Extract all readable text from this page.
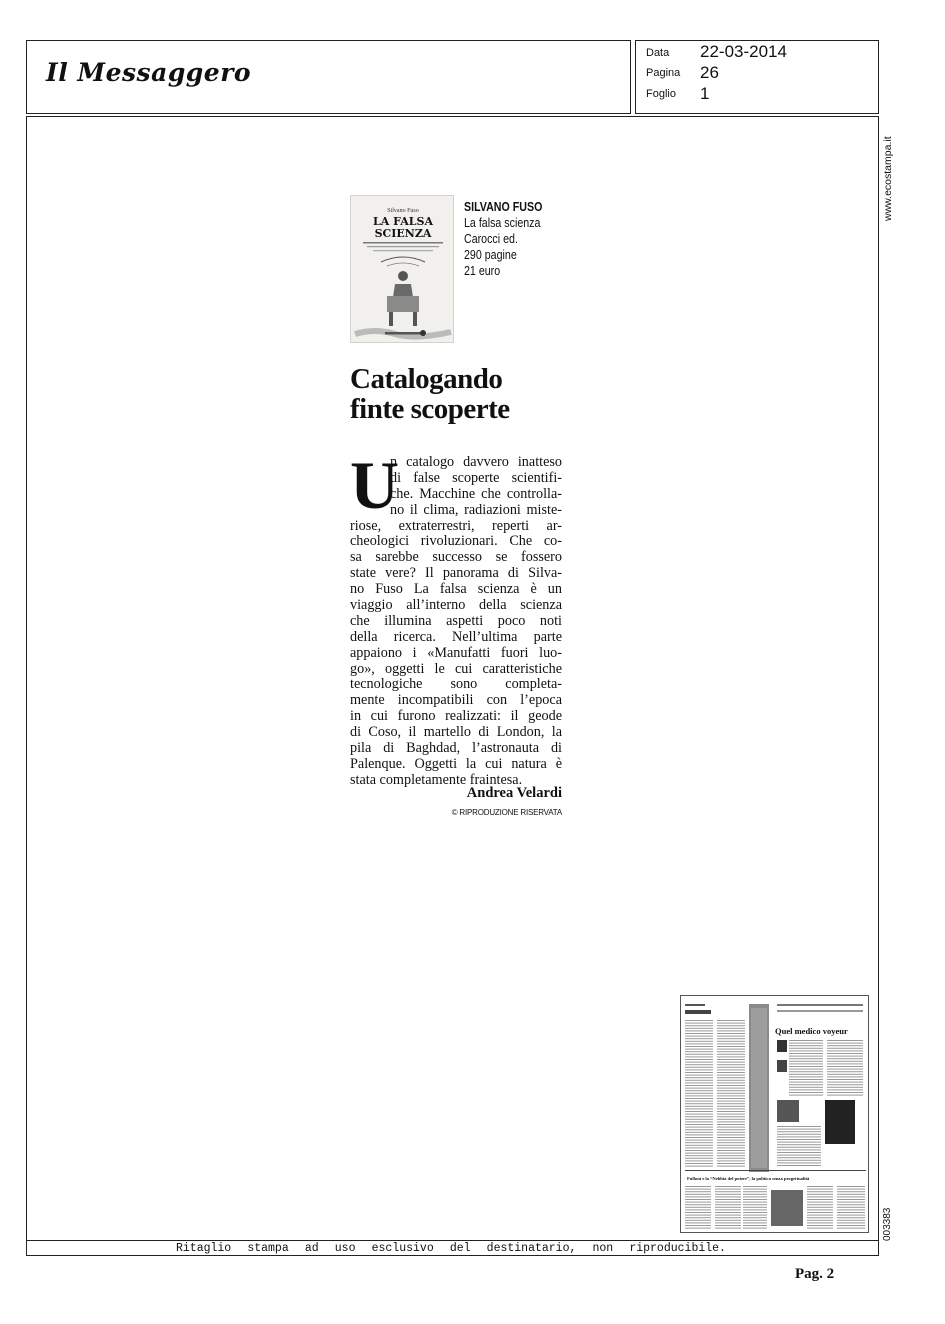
Il Messaggero
Data 22-03-2014
Pagina 26
Foglio 1
www.ecostampa.it
003383
Silvano Fuso
LA FALSA
SCIENZA
SILVANO FUSO
La falsa scienza
Carocci ed.
290 pagine
21 euro
Catalogando
finte scoperte
U
n catalogo davvero inatteso
di false scoperte scientifi-
che. Macchine che controlla-
no il clima, radiazioni miste-
riose, extraterrestri, reperti ar-
cheologici rivoluzionari. Che co-
sa sarebbe successo se fossero
state vere? Il panorama di Silva-
no Fuso La falsa scienza è un
viaggio all’interno della scienza
che illumina aspetti poco noti
della ricerca. Nell’ultima parte
appaiono i «Manufatti fuori luo-
go», oggetti le cui caratteristiche
tecnologiche sono completa-
mente incompatibili con l’epoca
in cui furono realizzati: il geode
di Coso, il martello di London, la
pila di Baghdad, l’astronauta di
Palenque. Oggetti la cui natura è
stata completamente fraintesa.
Andrea Velardi
© RIPRODUZIONE RISERVATA
Quel medico voyeur
Fulloni e la “Nebbia del potere”, la politica senza progettualità
Ritaglio stampa ad uso esclusivo del destinatario, non riproducibile.
Pag. 2
